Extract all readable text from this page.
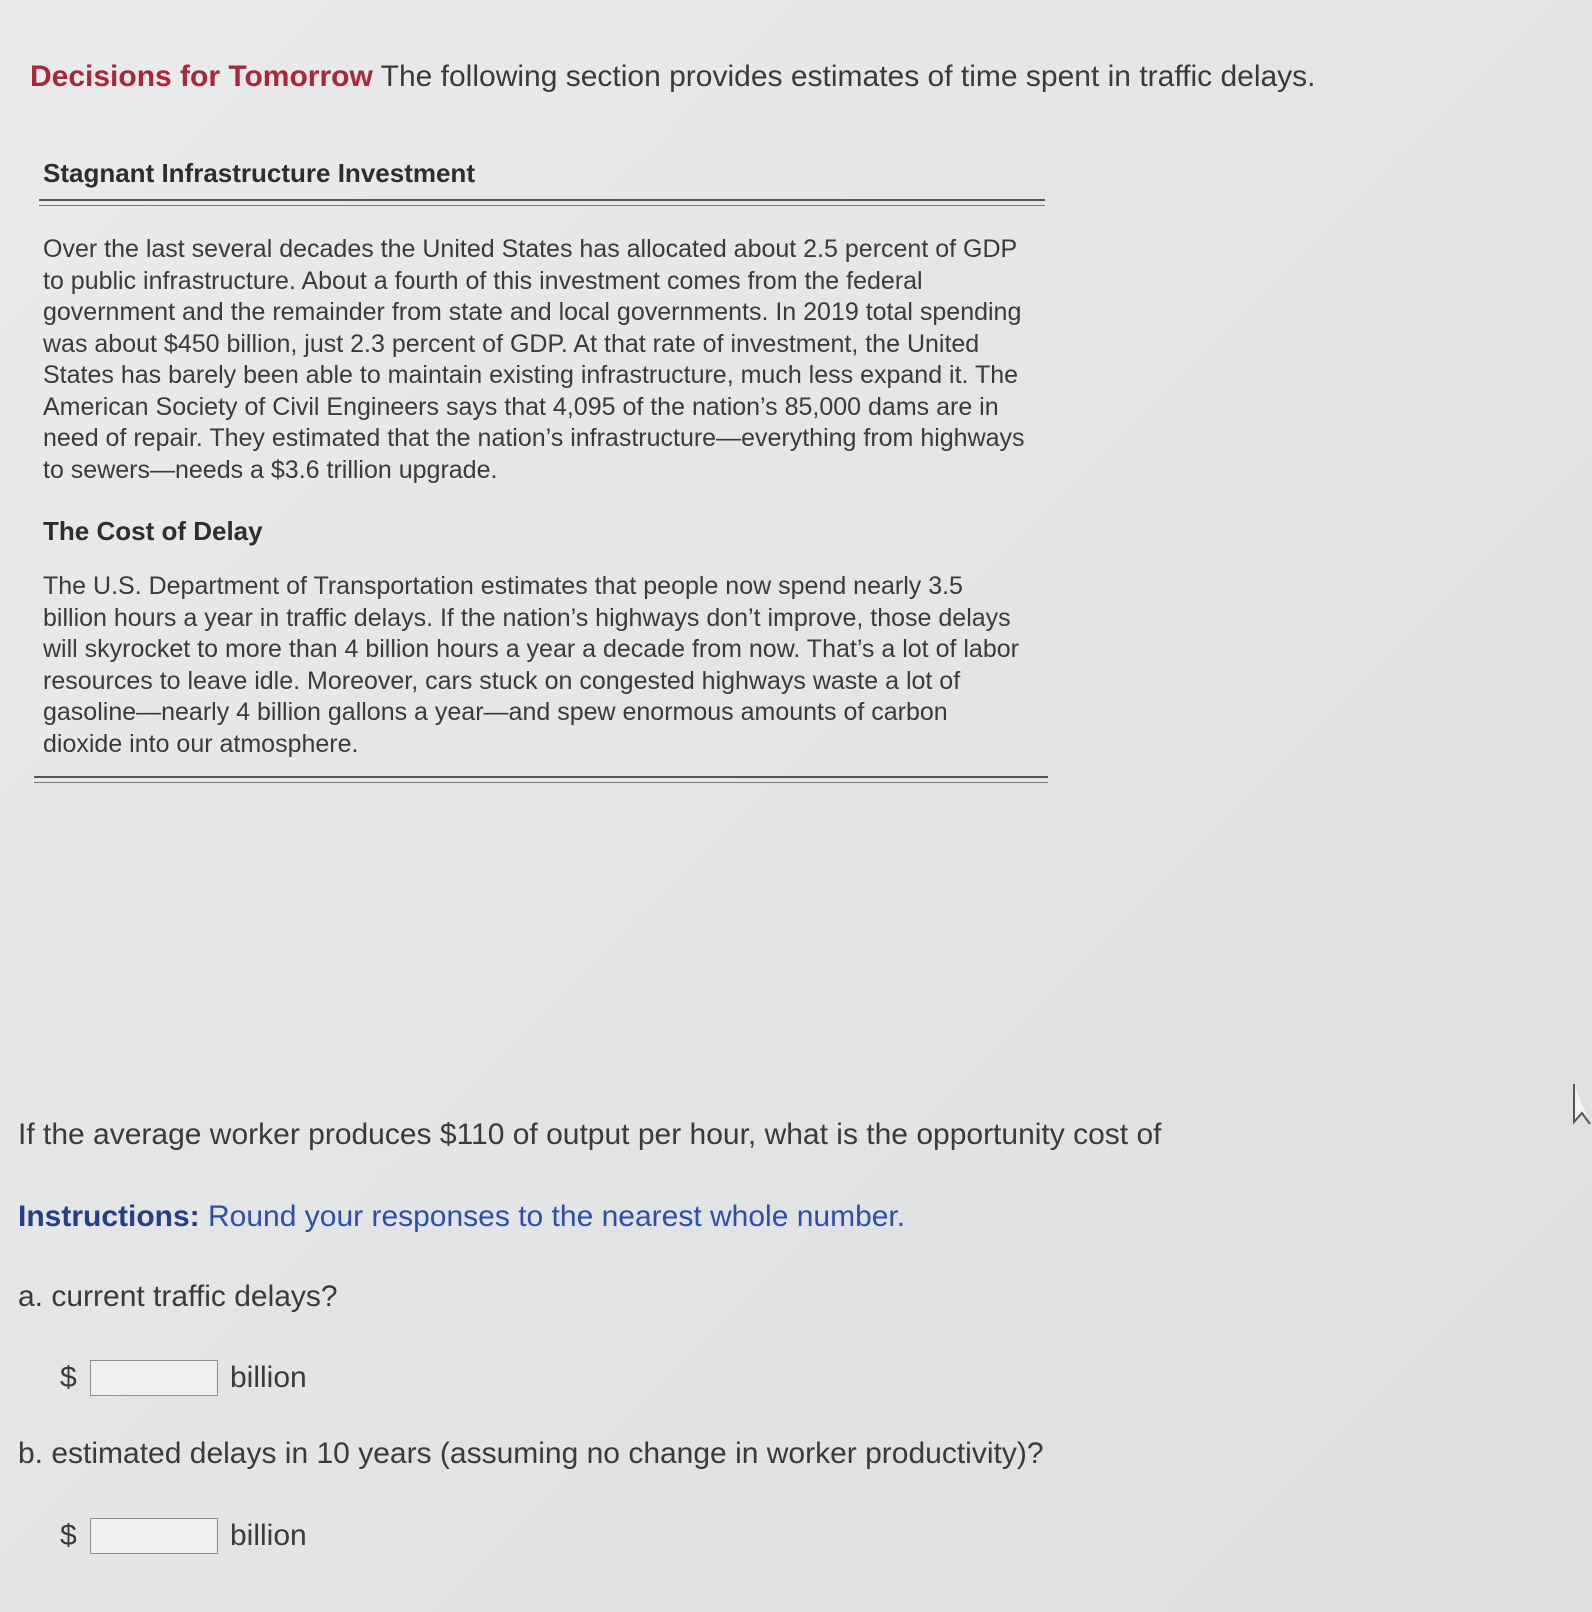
Decisions for Tomorrow The following section provides estimates of time spent in traffic delays.
Stagnant Infrastructure Investment
Over the last several decades the United States has allocated about 2.5 percent of GDP to public infrastructure. About a fourth of this investment comes from the federal government and the remainder from state and local governments. In 2019 total spending was about $450 billion, just 2.3 percent of GDP. At that rate of investment, the United States has barely been able to maintain existing infrastructure, much less expand it. The American Society of Civil Engineers says that 4,095 of the nation’s 85,000 dams are in need of repair. They estimated that the nation’s infrastructure—everything from highways to sewers—needs a $3.6 trillion upgrade.
The Cost of Delay
The U.S. Department of Transportation estimates that people now spend nearly 3.5 billion hours a year in traffic delays. If the nation’s highways don’t improve, those delays will skyrocket to more than 4 billion hours a year a decade from now. That’s a lot of labor resources to leave idle. Moreover, cars stuck on congested highways waste a lot of gasoline—nearly 4 billion gallons a year—and spew enormous amounts of carbon dioxide into our atmosphere.
If the average worker produces $110 of output per hour, what is the opportunity cost of
Instructions: Round your responses to the nearest whole number.
a. current traffic delays?
$	billion
b. estimated delays in 10 years (assuming no change in worker productivity)?
$	billion
